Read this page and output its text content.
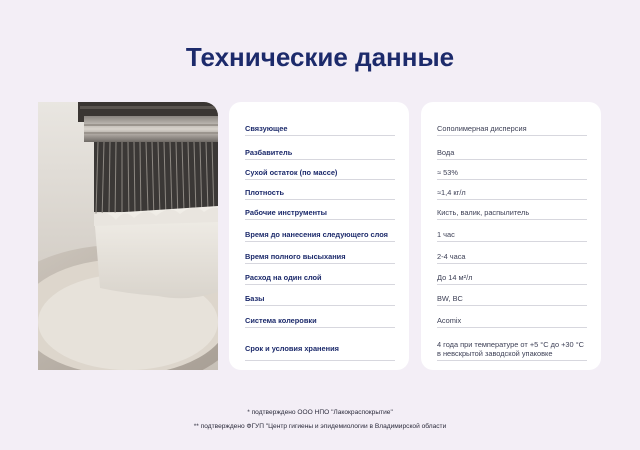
Технические данные
Связующее
Разбавитель
Сухой остаток (по массе)
Плотность
Рабочие инструменты
Время до нанесения следующего слоя
Время полного высыхания
Расход на один слой
Базы
Система колеровки
Срок и условия хранения
Сополимерная дисперсия
Вода
≈ 53%
≈1,4 кг/л
Кисть, валик, распылитель
1 час
2-4 часа
До 14 м²/л
BW, BC
Acomix
4 года при температуре от +5 °С до +30 °С в невскрытой заводской упаковке
* подтверждено ООО НПО "Лакокраспокрытие"
** подтверждено ФГУП "Центр гигиены и эпидемиологии в Владимирской области
